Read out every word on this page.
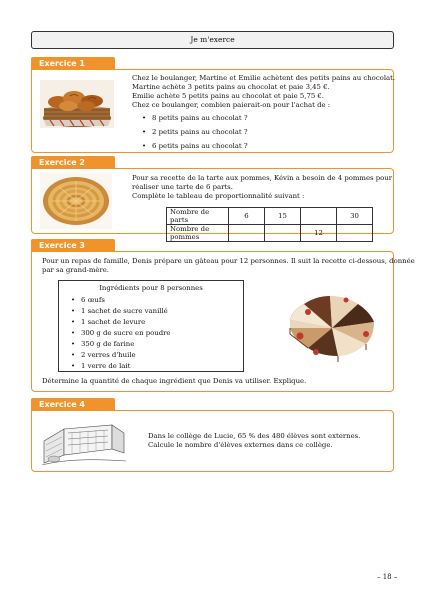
Je m'exerce
Exercice 1
Chez le boulanger, Martine et Emilie achètent des petits pains au chocolat.
Martine achète 3 petits pains au chocolat et paie 3,45 €.
Emilie achète 5 petits pains au chocolat et paie 5,75 €.
Chez ce boulanger, combien paierait-on pour l'achat de :
• 8 petits pains au chocolat ?
• 2 petits pains au chocolat ?
• 6 petits pains au chocolat ?
Exercice 2
Pour sa recette de la tarte aux pommes, Kévin a besoin de 4 pommes pour
réaliser une tarte de 6 parts.
Complète le tableau de proportionnalité suivant :
Nombre de parts	6	15		30
Nombre de pommes			12	
Exercice 3
Pour un repas de famille, Denis prépare un gâteau pour 12 personnes. Il suit la recette ci-dessous, donnée
par sa grand-mère.
Détermine la quantité de chaque ingrédient que Denis va utiliser. Explique.
Ingrédients pour 8 personnes
• 6 œufs
• 1 sachet de sucre vanillé
• 1 sachet de levure
• 300 g de sucre en poudre
• 350 g de farine
• 2 verres d'huile
• 1 verre de lait
Exercice 4
Dans le collège de Lucie, 65 % des 480 élèves sont externes.
Calcule le nombre d'élèves externes dans ce collège.
– 18 –
